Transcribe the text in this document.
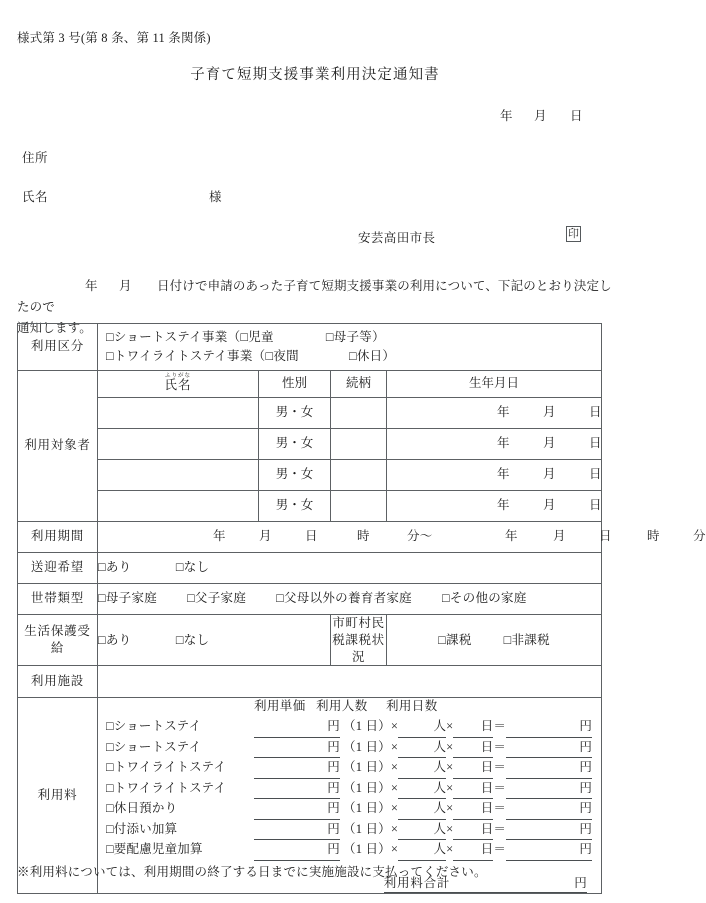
様式第 3 号(第 8 条、第 11 条関係)
子育て短期支援事業利用決定通知書
年 月 日
住所
氏名	様
安芸高田市長	印
年 月 日付けで申請のあった子育て短期支援事業の利用について、下記のとおり決定したので
通知します。
利用区分	□ショートステイ事業（□児童 □母子等）
□トワイライトステイ事業（□夜間 □休日）			

利用対象者	ふりがな
氏名	性別	続柄	生年月日
		男・女		年 月 日
		男・女		年 月 日
		男・女		年 月 日
		男・女		年 月 日
利用期間	年 月 日 時 分～ 年 月 日 時 分			
送迎希望	□あり □なし			
世帯類型	□母子家庭 □父子家庭 □父母以外の養育者家庭 □その他の家庭			
生活保護受給	□あり □なし		市町村民税課税状況	□課税 □非課税
利用施設				
利用料	
利用単価 利用人数 利用日数
□ショートステイ	円 （1 日）×	人× 日＝	円
□ショートステイ	円 （1 日）×	人× 日＝	円
□トワイライトステイ	円 （1 日）×	人× 日＝	円
□トワイライトステイ	円 （1 日）×	人× 日＝	円
□休日預かり	円 （1 日）×	人× 日＝	円
□付添い加算	円 （1 日）×	人× 日＝	円
□要配慮児童加算	円 （1 日）×	人× 日＝	円
利用料合計	円
※利用料については、利用期間の終了する日までに実施施設に支払ってください。
